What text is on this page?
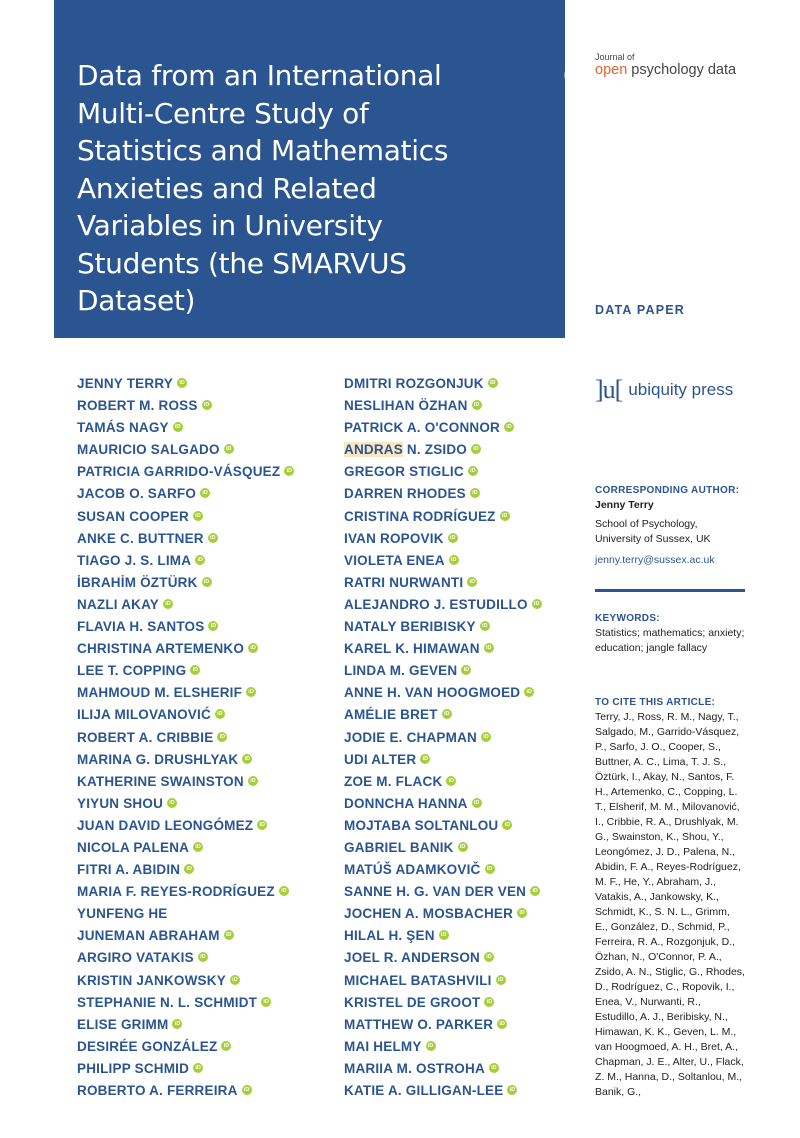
Data from an International Multi-Centre Study of Statistics and Mathematics Anxieties and Related Variables in University Students (the SMARVUS Dataset)
Journal of
open psychology data
DATA PAPER
]u[ ubiquity press
JENNY TERRY iD
ROBERT M. ROSS iD
TAMÁS NAGY iD
MAURICIO SALGADO iD
PATRICIA GARRIDO-VÁSQUEZ iD
JACOB O. SARFO iD
SUSAN COOPER iD
ANKE C. BUTTNER iD
TIAGO J. S. LIMA iD
İBRAHİM ÖZTÜRK iD
NAZLI AKAY iD
FLAVIA H. SANTOS iD
CHRISTINA ARTEMENKO iD
LEE T. COPPING iD
MAHMOUD M. ELSHERIF iD
ILIJA MILOVANOVIĆ iD
ROBERT A. CRIBBIE iD
MARINA G. DRUSHLYAK iD
KATHERINE SWAINSTON iD
YIYUN SHOU iD
JUAN DAVID LEONGÓMEZ iD
NICOLA PALENA iD
FITRI A. ABIDIN iD
MARIA F. REYES-RODRÍGUEZ iD
YUNFENG HE
JUNEMAN ABRAHAM iD
ARGIRO VATAKIS iD
KRISTIN JANKOWSKY iD
STEPHANIE N. L. SCHMIDT iD
ELISE GRIMM iD
DESIRÉE GONZÁLEZ iD
PHILIPP SCHMID iD
ROBERTO A. FERREIRA iD
DMITRI ROZGONJUK iD
NESLIHAN ÖZHAN iD
PATRICK A. O'CONNOR iD
ANDRAS N. ZSIDO iD
GREGOR STIGLIC iD
DARREN RHODES iD
CRISTINA RODRÍGUEZ iD
IVAN ROPOVIK iD
VIOLETA ENEA iD
RATRI NURWANTI iD
ALEJANDRO J. ESTUDILLO iD
NATALY BERIBISKY iD
KAREL K. HIMAWAN iD
LINDA M. GEVEN iD
ANNE H. VAN HOOGMOED iD
AMÉLIE BRET iD
JODIE E. CHAPMAN iD
UDI ALTER iD
ZOE M. FLACK iD
DONNCHA HANNA iD
MOJTABA SOLTANLOU iD
GABRIEL BANIK iD
MATÚŠ ADAMKOVIČ iD
SANNE H. G. VAN DER VEN iD
JOCHEN A. MOSBACHER iD
HILAL H. ŞEN iD
JOEL R. ANDERSON iD
MICHAEL BATASHVILI iD
KRISTEL DE GROOT iD
MATTHEW O. PARKER iD
MAI HELMY iD
MARIIA M. OSTROHA iD
KATIE A. GILLIGAN-LEE iD
CORRESPONDING AUTHOR:
Jenny Terry
School of Psychology,
University of Sussex, UK
jenny.terry@sussex.ac.uk
KEYWORDS:
Statistics; mathematics; anxiety; education; jangle fallacy
TO CITE THIS ARTICLE:
Terry, J., Ross, R. M., Nagy, T., Salgado, M., Garrido-Vásquez, P., Sarfo, J. O., Cooper, S., Buttner, A. C., Lima, T. J. S., Öztürk, I., Akay, N., Santos, F. H., Artemenko, C., Copping, L. T., Elsherif, M. M., Milovanović, I., Cribbie, R. A., Drushlyak, M. G., Swainston, K., Shou, Y., Leongómez, J. D., Palena, N., Abidin, F. A., Reyes-Rodríguez, M. F., He, Y., Abraham, J., Vatakis, A., Jankowsky, K., Schmidt, K., S. N. L., Grimm, E., González, D., Schmid, P., Ferreira, R. A., Rozgonjuk, D., Özhan, N., O'Connor, P. A., Zsido, A. N., Stiglic, G., Rhodes, D., Rodríguez, C., Ropovik, I., Enea, V., Nurwanti, R., Estudillo, A. J., Beribisky, N., Himawan, K. K., Geven, L. M., van Hoogmoed, A. H., Bret, A., Chapman, J. E., Alter, U., Flack, Z. M., Hanna, D., Soltanlou, M., Banik, G.,
